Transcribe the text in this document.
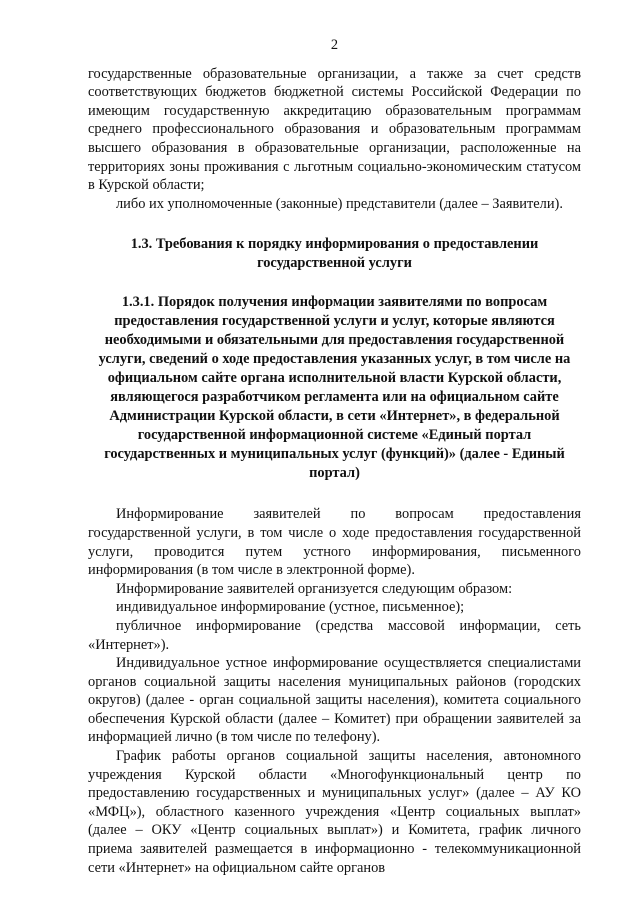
2

государственные образовательные организации, а также за счет средств соответствующих бюджетов бюджетной системы Российской Федерации по имеющим государственную аккредитацию образовательным программам среднего профессионального образования и образовательным программам высшего образования в образовательные организации, расположенные на территориях зоны проживания с льготным социально-экономическим статусом в Курской области;

либо их уполномоченные (законные) представители (далее – Заявители).

1.3. Требования к порядку информирования о предоставлении государственной услуги
1.3.1. Порядок получения информации заявителями по вопросам предоставления государственной услуги и услуг, которые являются необходимыми и обязательными для предоставления государственной услуги, сведений о ходе предоставления указанных услуг, в том числе на официальном сайте органа исполнительной власти Курской области, являющегося разработчиком регламента или на официальном сайте Администрации Курской области, в сети «Интернет», в федеральной государственной информационной системе «Единый портал государственных и муниципальных услуг (функций)» (далее - Единый портал)

Информирование заявителей по вопросам предоставления государственной услуги, в том числе о ходе предоставления государственной услуги, проводится путем устного информирования, письменного информирования (в том числе в электронной форме).

Информирование заявителей организуется следующим образом:

индивидуальное информирование (устное, письменное);

публичное информирование (средства массовой информации, сеть «Интернет»).

Индивидуальное устное информирование осуществляется специалистами органов социальной защиты населения муниципальных районов (городских округов) (далее - орган социальной защиты населения), комитета социального обеспечения Курской области (далее – Комитет) при обращении заявителей за информацией лично (в том числе по телефону).

График работы органов социальной защиты населения, автономного учреждения Курской области «Многофункциональный центр по предоставлению государственных и муниципальных услуг» (далее – АУ КО «МФЦ»), областного казенного учреждения «Центр социальных выплат» (далее – ОКУ «Центр социальных выплат») и Комитета, график личного приема заявителей размещается в информационно - телекоммуникационной сети «Интернет» на официальном сайте органов
